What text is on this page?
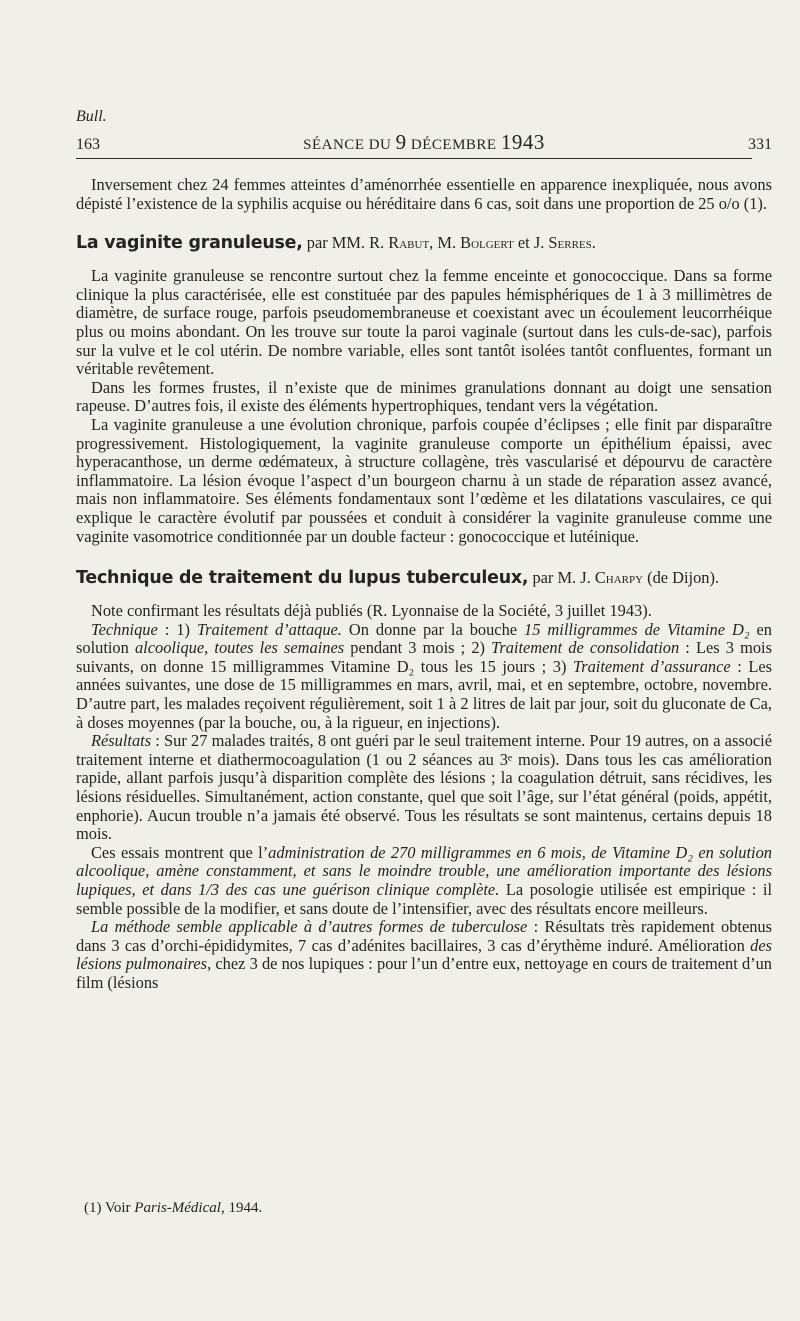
Bull.
163	SÉANCE DU 9 DÉCEMBRE 1943	331

Inversement chez 24 femmes atteintes d’aménorrhée essentielle en apparence inexpliquée, nous avons dépisté l’existence de la syphilis acquise ou héréditaire dans 6 cas, soit dans une proportion de 25 o/o (1).

La vaginite granuleuse, par MM. R. Rabut, M. Bolgert et J. Serres.

La vaginite granuleuse se rencontre surtout chez la femme enceinte et gonococcique. Dans sa forme clinique la plus caractérisée, elle est constituée par des papules hémisphériques de 1 à 3 millimètres de diamètre, de surface rouge, parfois pseudomembraneuse et coexistant avec un écoulement leucorrhéique plus ou moins abondant. On les trouve sur toute la paroi vaginale (surtout dans les culs-de-sac), parfois sur la vulve et le col utérin. De nombre variable, elles sont tantôt isolées tantôt confluentes, formant un véritable revêtement.

Dans les formes frustes, il n’existe que de minimes granulations donnant au doigt une sensation rapeuse. D’autres fois, il existe des éléments hypertrophiques, tendant vers la végétation.

La vaginite granuleuse a une évolution chronique, parfois coupée d’éclipses ; elle finit par disparaître progressivement. Histologiquement, la vaginite granuleuse comporte un épithélium épaissi, avec hyperacanthose, un derme œdémateux, à structure collagène, très vascularisé et dépourvu de caractère inflammatoire. La lésion évoque l’aspect d’un bourgeon charnu à un stade de réparation assez avancé, mais non inflammatoire. Ses éléments fondamentaux sont l’œdème et les dilatations vasculaires, ce qui explique le caractère évolutif par poussées et conduit à considérer la vaginite granuleuse comme une vaginite vasomotrice conditionnée par un double facteur : gonococcique et lutéinique.

Technique de traitement du lupus tuberculeux, par M. J. Charpy (de Dijon).

Note confirmant les résultats déjà publiés (R. Lyonnaise de la Société, 3 juillet 1943).

Technique : 1) Traitement d’attaque. On donne par la bouche 15 milligrammes de Vitamine D₂ en solution alcoolique, toutes les semaines pendant 3 mois ; 2) Traitement de consolidation : Les 3 mois suivants, on donne 15 milligrammes Vitamine D₂ tous les 15 jours ; 3) Traitement d’assurance : Les années suivantes, une dose de 15 milligrammes en mars, avril, mai, et en septembre, octobre, novembre. D’autre part, les malades reçoivent régulièrement, soit 1 à 2 litres de lait par jour, soit du gluconate de Ca, à doses moyennes (par la bouche, ou, à la rigueur, en injections).

Résultats : Sur 27 malades traités, 8 ont guéri par le seul traitement interne. Pour 19 autres, on a associé traitement interne et diathermocoagulation (1 ou 2 séances au 3ᵉ mois). Dans tous les cas amélioration rapide, allant parfois jusqu’à disparition complète des lésions ; la coagulation détruit, sans récidives, les lésions résiduelles. Simultanément, action constante, quel que soit l’âge, sur l’état général (poids, appétit, enphorie). Aucun trouble n’a jamais été observé. Tous les résultats se sont maintenus, certains depuis 18 mois.

Ces essais montrent que l’administration de 270 milligrammes en 6 mois, de Vitamine D₂ en solution alcoolique, amène constamment, et sans le moindre trouble, une amélioration importante des lésions lupiques, et dans 1/3 des cas une guérison clinique complète. La posologie utilisée est empirique : il semble possible de la modifier, et sans doute de l’intensifier, avec des résultats encore meilleurs.

La méthode semble applicable à d’autres formes de tuberculose : Résultats très rapidement obtenus dans 3 cas d’orchi-épididymites, 7 cas d’adénites bacillaires, 3 cas d’érythème induré. Amélioration des lésions pulmonaires, chez 3 de nos lupiques : pour l’un d’entre eux, nettoyage en cours de traitement d’un film (lésions

(1) Voir Paris-Médical, 1944.
